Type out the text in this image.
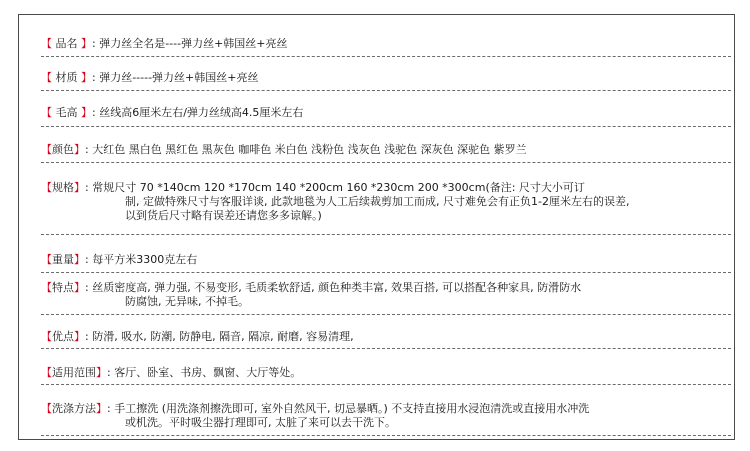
【 品名 】: 弹力丝全名是----弹力丝+韩国丝+亮丝
【 材质 】: 弹力丝-----弹力丝+韩国丝+亮丝
【 毛高 】: 丝线高6厘米左右/弹力丝绒高4.5厘米左右
【颜色】: 大红色 黑白色 黑红色 黑灰色 咖啡色 米白色 浅粉色 浅灰色 浅驼色 深灰色 深驼色 紫罗兰
【规格】: 常规尺寸 70 *140cm 120 *170cm 140 *200cm 160 *230cm 200 *300cm(备注: 尺寸大小可订
制, 定做特殊尺寸与客服详谈, 此款地毯为人工后续裁剪加工而成, 尺寸难免会有正负1-2厘米左右的误差,
以到货后尺寸略有误差还请您多多谅解。)
【重量】: 每平方米3300克左右
【特点】: 丝质密度高, 弹力强, 不易变形, 毛质柔软舒适, 颜色种类丰富, 效果百搭, 可以搭配各种家具, 防滑防水
防腐蚀, 无异味, 不掉毛。
【优点】: 防滑, 吸水, 防潮, 防静电, 隔音, 隔凉, 耐磨, 容易清理,
【适用范围】: 客厅、卧室、书房、飘窗、大厅等处。
【洗涤方法】: 手工擦洗 (用洗涤剂擦洗即可, 室外自然风干, 切忌暴晒。) 不支持直接用水浸泡清洗或直接用水冲洗
或机洗。平时吸尘器打理即可, 太脏了来可以去干洗下。
